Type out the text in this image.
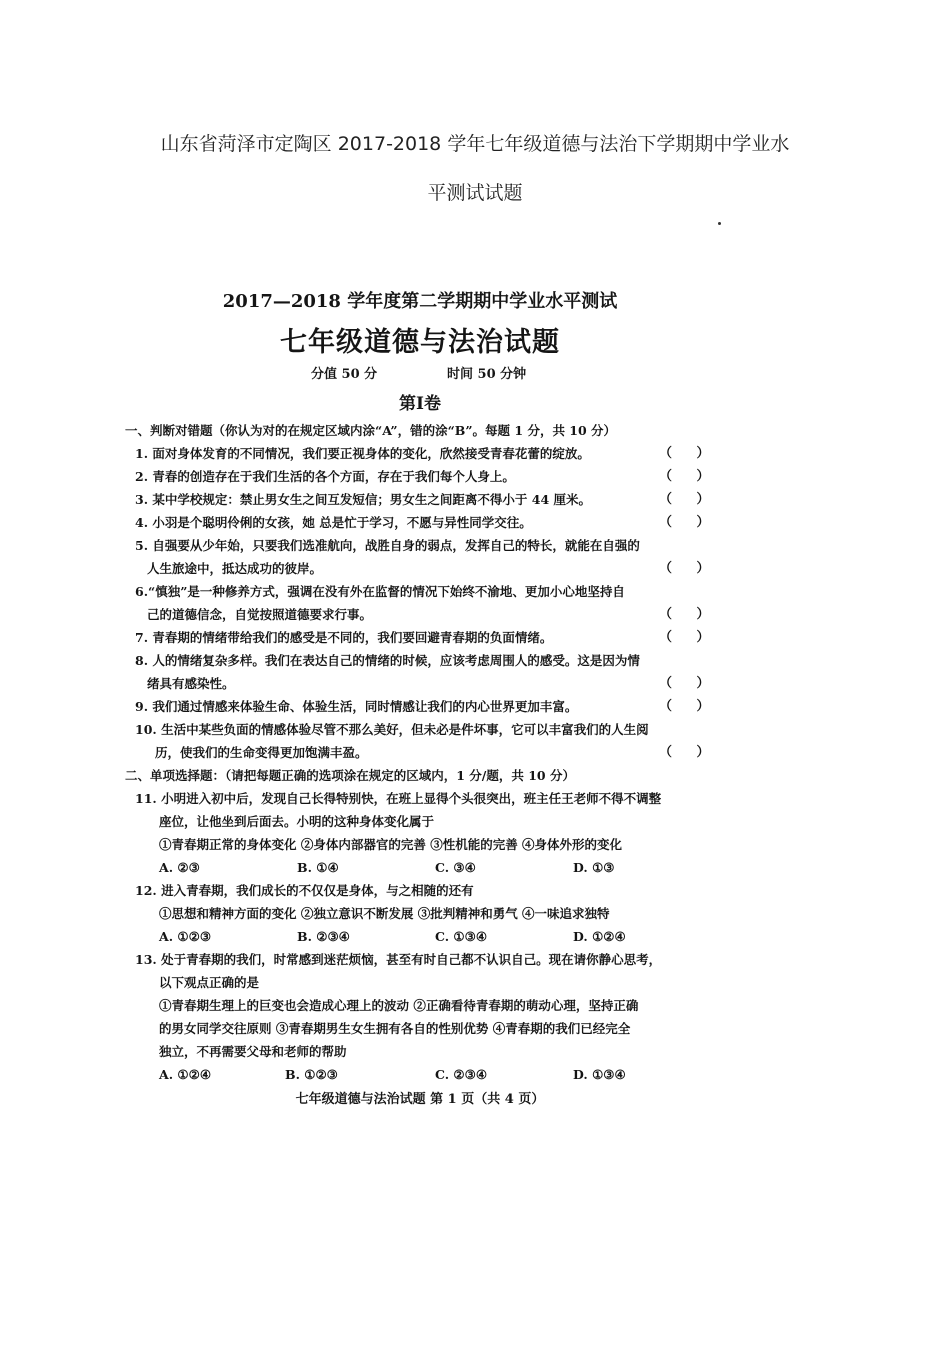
山东省菏泽市定陶区 2017-2018 学年七年级道德与法治下学期期中学业水
平测试试题
2017—2018 学年度第二学期期中学业水平测试
七年级道德与法治试题
分值 50 分	时间 50 分钟
第Ⅰ卷
一、判断对错题（你认为对的在规定区域内涂“A”，错的涂“B”。每题 1 分，共 10 分）
1. 面对身体发育的不同情况，我们要正视身体的变化，欣然接受青春花蕾的绽放。	（ ）
2. 青春的创造存在于我们生活的各个方面，存在于我们每个人身上。	（ ）
3. 某中学校规定：禁止男女生之间互发短信；男女生之间距离不得小于 44 厘米。	（ ）
4. 小羽是个聪明伶俐的女孩，她 总是忙于学习，不愿与异性同学交往。	（ ）
5. 自强要从少年始，只要我们选准航向，战胜自身的弱点，发挥自己的特长，就能在自强的
人生旅途中，抵达成功的彼岸。	（ ）
6.“慎独”是一种修养方式，强调在没有外在监督的情况下始终不渝地、更加小心地坚持自
己的道德信念，自觉按照道德要求行事。	（ ）
7. 青春期的情绪带给我们的感受是不同的，我们要回避青春期的负面情绪。	（ ）
8. 人的情绪复杂多样。我们在表达自己的情绪的时候，应该考虑周围人的感受。这是因为情
绪具有感染性。	（ ）
9. 我们通过情感来体验生命、体验生活，同时情感让我们的内心世界更加丰富。	（ ）
10. 生活中某些负面的情感体验尽管不那么美好，但未必是件坏事，它可以丰富我们的人生阅
历，使我们的生命变得更加饱满丰盈。	（ ）
二、单项选择题：（请把每题正确的选项涂在规定的区域内，1 分/题，共 10 分）
11. 小明进入初中后，发现自己长得特别快，在班上显得个头很突出，班主任王老师不得不调整
座位，让他坐到后面去。小明的这种身体变化属于
①青春期正常的身体变化 ②身体内部器官的完善 ③性机能的完善 ④身体外形的变化
A. ②③	B. ①④	C. ③④	D. ①③
12. 进入青春期，我们成长的不仅仅是身体，与之相随的还有
①思想和精神方面的变化 ②独立意识不断发展 ③批判精神和勇气 ④一味追求独特
A. ①②③	B. ②③④	C. ①③④	D. ①②④
13. 处于青春期的我们，时常感到迷茫烦恼，甚至有时自己都不认识自己。现在请你静心思考，
以下观点正确的是
①青春期生理上的巨变也会造成心理上的波动 ②正确看待青春期的萌动心理，坚持正确
的男女同学交往原则 ③青春期男生女生拥有各自的性别优势 ④青春期的我们已经完全
独立，不再需要父母和老师的帮助
A. ①②④	B. ①②③	C. ②③④	D. ①③④
七年级道德与法治试题 第 1 页（共 4 页）
